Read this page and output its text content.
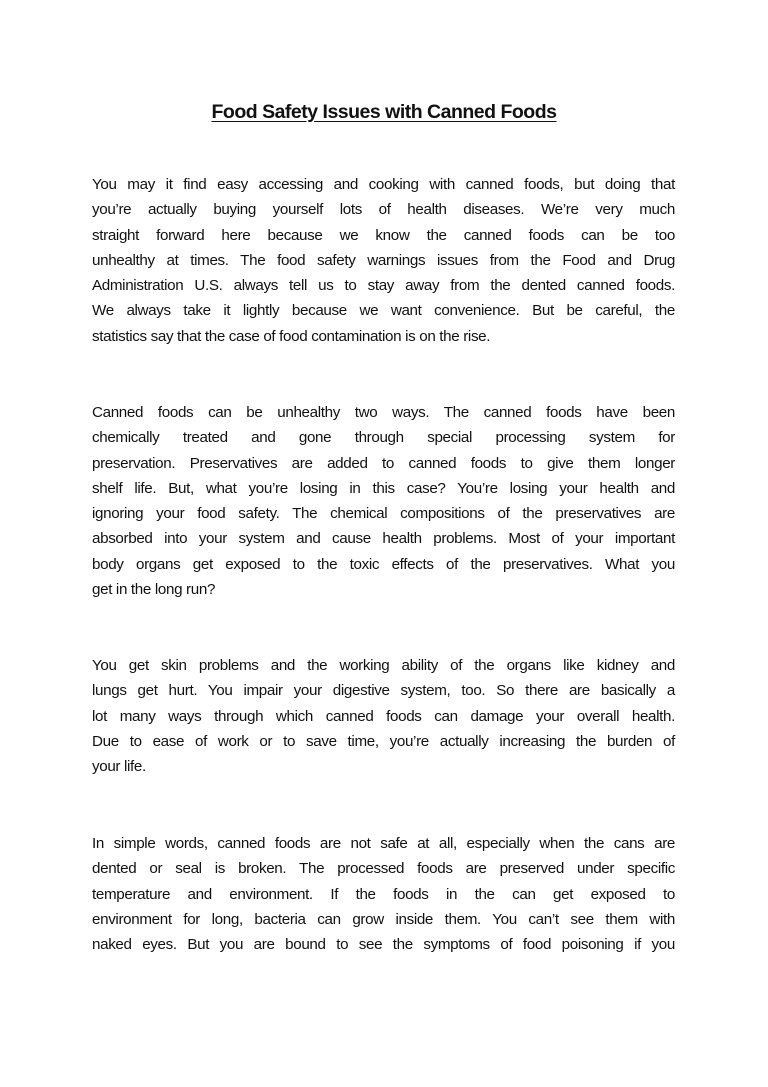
Food Safety Issues with Canned Foods
You may it find easy accessing and cooking with canned foods, but doing that
you’re actually buying yourself lots of health diseases. We’re very much
straight forward here because we know the canned foods can be too
unhealthy at times. The food safety warnings issues from the Food and Drug
Administration U.S. always tell us to stay away from the dented canned foods.
We always take it lightly because we want convenience. But be careful, the
statistics say that the case of food contamination is on the rise.
Canned foods can be unhealthy two ways. The canned foods have been
chemically treated and gone through special processing system for
preservation. Preservatives are added to canned foods to give them longer
shelf life. But, what you’re losing in this case? You’re losing your health and
ignoring your food safety. The chemical compositions of the preservatives are
absorbed into your system and cause health problems. Most of your important
body organs get exposed to the toxic effects of the preservatives. What you
get in the long run?
You get skin problems and the working ability of the organs like kidney and
lungs get hurt. You impair your digestive system, too. So there are basically a
lot many ways through which canned foods can damage your overall health.
Due to ease of work or to save time, you’re actually increasing the burden of
your life.
In simple words, canned foods are not safe at all, especially when the cans are
dented or seal is broken. The processed foods are preserved under specific
temperature and environment. If the foods in the can get exposed to
environment for long, bacteria can grow inside them. You can’t see them with
naked eyes. But you are bound to see the symptoms of food poisoning if you
